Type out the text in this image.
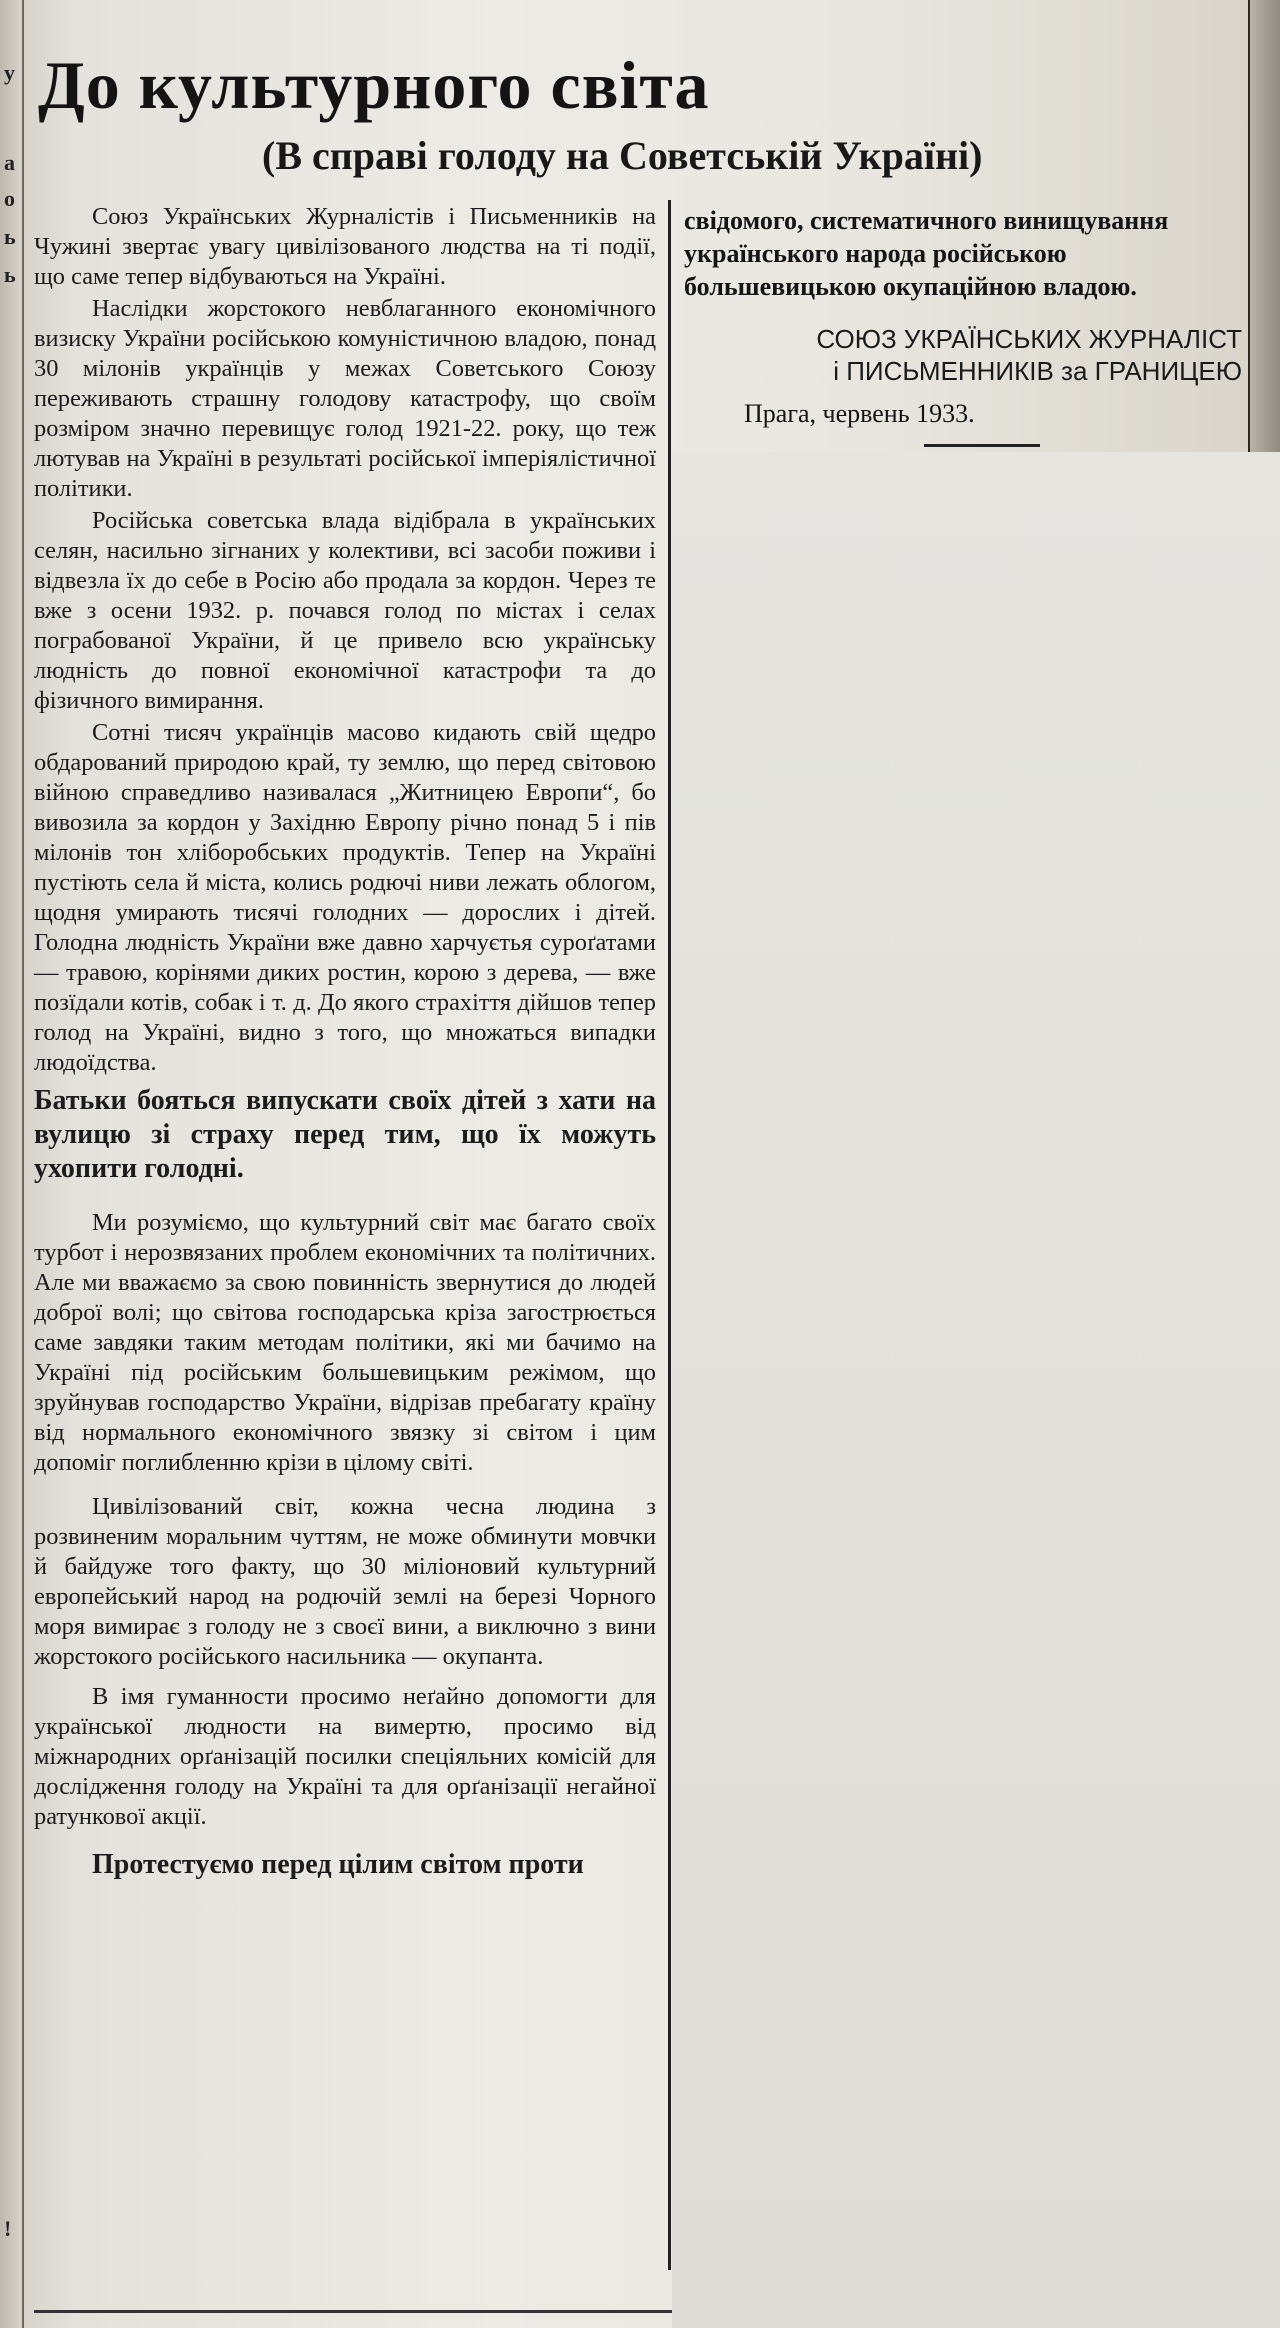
у
а
о
ь
ь
!
До культурного світа
(В справі голоду на Советській Україні)

Союз Українських Журналістів і Письменників на Чужині звертає увагу цивілізованого людства на ті події, що саме тепер відбуваються на Україні.

Наслідки жорстокого невблаганного економічного визиску України російською комуністичною владою, понад 30 мілонів українців у межах Советського Союзу переживають страшну голодову катастрофу, що своїм розміром значно перевищує голод 1921-22. року, що теж лютував на Україні в результаті російської імперіялістичної політики.

Російська советська влада відібрала в українських селян, насильно зігнаних у колективи, всі засоби поживи і відвезла їх до себе в Росію або продала за кордон. Через те вже з осени 1932. р. почався голод по містах і селах пограбованої України, й це привело всю українську людність до повної економічної катастрофи та до фізичного вимирання.

Сотні тисяч українців масово кидають свій щедро обдарований природою край, ту землю, що перед світовою війною справедливо називалася „Житницею Европи“, бо вивозила за кордон у Західню Европу річно понад 5 і пів мілонів тон хліборобських продуктів. Тепер на Україні пустіють села й міста, колись родючі ниви лежать облогом, щодня умирають тисячі голодних — дорослих і дітей. Голодна людність України вже давно харчуєтья суроґатами — травою, корінями диких ростин, корою з дерева, — вже позїдали котів, собак і т. д. До якого страхіття дійшов тепер голод на Україні, видно з того, що множаться випадки людоїдства.

Батьки бояться випускати своїх дітей з хати на вулицю зі страху перед тим, що їх можуть ухопити голодні.

Ми розуміємо, що культурний світ має багато своїх турбот і нерозвязаних проблем економічних та політичних. Але ми вважаємо за свою повинність звернутися до людей доброї волі; що світова господарська кріза загострюється саме завдяки таким методам політики, які ми бачимо на Україні під російським большевицьким режімом, що зруйнував господарство України, відрізав пребагату країну від нормального економічного звязку зі світом і цим допоміг поглибленню крізи в цілому світі.

Цивілізований світ, кожна чесна людина з розвиненим моральним чуттям, не може обминути мовчки й байдуже того факту, що 30 міліоновий культурний европейський народ на родючій землі на березі Чорного моря вимирає з голоду не з своєї вини, а виключно з вини жорстокого російського насильника — окупанта.

В імя гуманности просимо неґайно допомогти для української людности на вимертю, просимо від міжнародних орґанізацій посилки спеціяльних комісій для дослідження голоду на Україні та для орґанізації негайної ратункової акції.

Протестуємо перед цілим світом проти

свідомого, систематичного винищування українського народа російською большевицькою окупаційною владою.

СОЮЗ УКРАЇНСЬКИХ ЖУРНАЛІСТ
і ПИСЬМЕННИКІВ за ГРАНИЦЕЮ

Прага, червень 1933.
